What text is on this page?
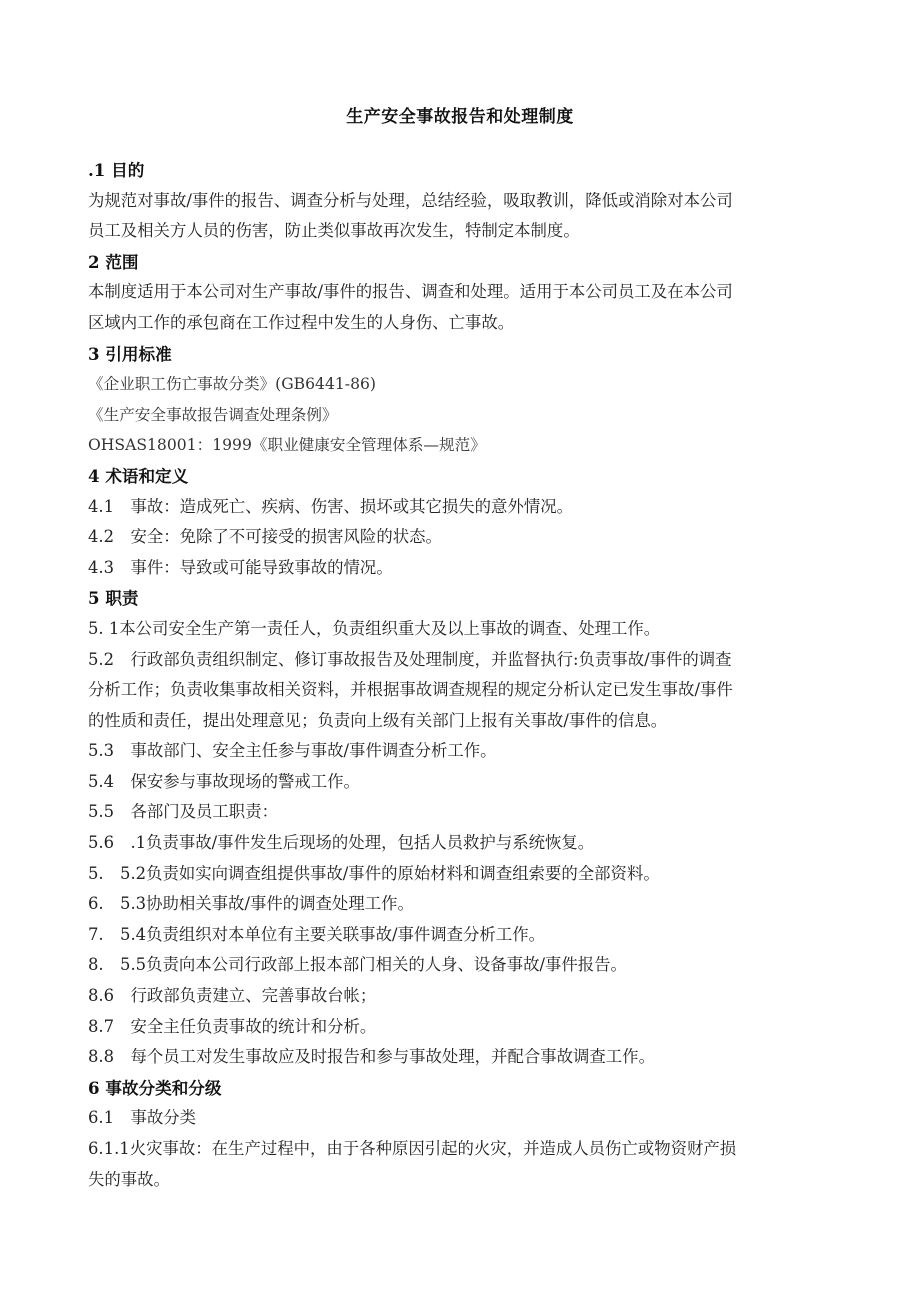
生产安全事故报告和处理制度
.1 目的
为规范对事故/事件的报告、调查分析与处理，总结经验，吸取教训，降低或消除对本公司
员工及相关方人员的伤害，防止类似事故再次发生，特制定本制度。
2 范围
本制度适用于本公司对生产事故/事件的报告、调查和处理。适用于本公司员工及在本公司
区域内工作的承包商在工作过程中发生的人身伤、亡事故。
3 引用标准
《企业职工伤亡事故分类》(GB6441-86)
《生产安全事故报告调查处理条例》
OHSAS18001：1999《职业健康安全管理体系—规范》
4 术语和定义
4.1　事故：造成死亡、疾病、伤害、损坏或其它损失的意外情况。
4.2　安全：免除了不可接受的损害风险的状态。
4.3　事件：导致或可能导致事故的情况。
5 职责
5. 1本公司安全生产第一责任人，负责组织重大及以上事故的调查、处理工作。
5.2　行政部负责组织制定、修订事故报告及处理制度，并监督执行:负责事故/事件的调查
分析工作；负责收集事故相关资料，并根据事故调查规程的规定分析认定已发生事故/事件
的性质和责任，提出处理意见；负责向上级有关部门上报有关事故/事件的信息。
5.3　事故部门、安全主任参与事故/事件调查分析工作。
5.4　保安参与事故现场的警戒工作。
5.5　各部门及员工职责：
5.6　.1负责事故/事件发生后现场的处理，包括人员救护与系统恢复。
5.　5.2负责如实向调查组提供事故/事件的原始材料和调查组索要的全部资料。
6.　5.3协助相关事故/事件的调查处理工作。
7.　5.4负责组织对本单位有主要关联事故/事件调查分析工作。
8.　5.5负责向本公司行政部上报本部门相关的人身、设备事故/事件报告。
8.6　行政部负责建立、完善事故台帐；
8.7　安全主任负责事故的统计和分析。
8.8　每个员工对发生事故应及时报告和参与事故处理，并配合事故调查工作。
6 事故分类和分级
6.1　事故分类
6.1.1火灾事故：在生产过程中，由于各种原因引起的火灾，并造成人员伤亡或物资财产损
失的事故。
